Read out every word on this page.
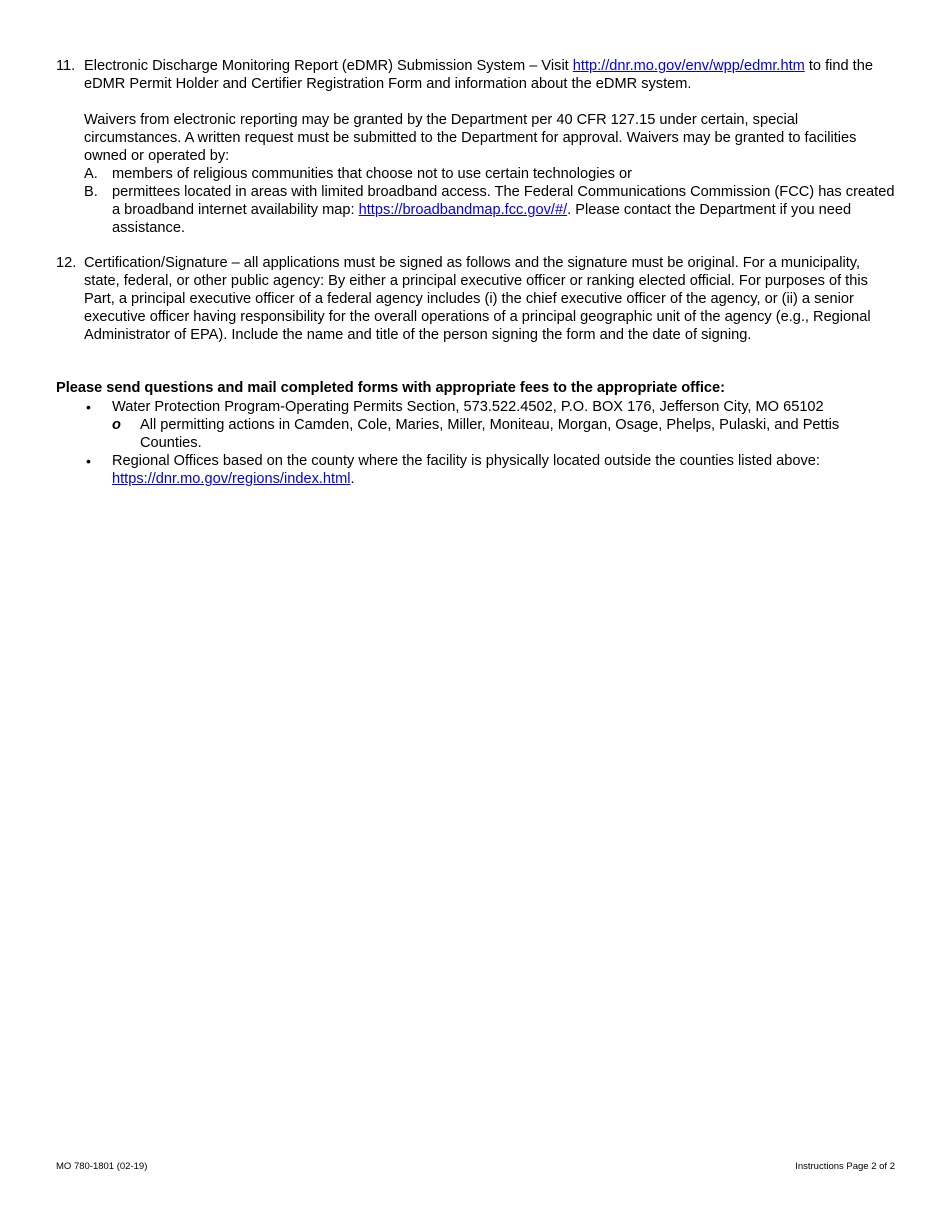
11. Electronic Discharge Monitoring Report (eDMR) Submission System – Visit http://dnr.mo.gov/env/wpp/edmr.htm to find the eDMR Permit Holder and Certifier Registration Form and information about the eDMR system.
Waivers from electronic reporting may be granted by the Department per 40 CFR 127.15 under certain, special circumstances. A written request must be submitted to the Department for approval. Waivers may be granted to facilities owned or operated by:
A. members of religious communities that choose not to use certain technologies or
B. permittees located in areas with limited broadband access. The Federal Communications Commission (FCC) has created a broadband internet availability map: https://broadbandmap.fcc.gov/#/. Please contact the Department if you need assistance.
12. Certification/Signature – all applications must be signed as follows and the signature must be original. For a municipality, state, federal, or other public agency: By either a principal executive officer or ranking elected official. For purposes of this Part, a principal executive officer of a federal agency includes (i) the chief executive officer of the agency, or (ii) a senior executive officer having responsibility for the overall operations of a principal geographic unit of the agency (e.g., Regional Administrator of EPA). Include the name and title of the person signing the form and the date of signing.
Please send questions and mail completed forms with appropriate fees to the appropriate office:
• Water Protection Program-Operating Permits Section, 573.522.4502, P.O. BOX 176, Jefferson City, MO 65102
o All permitting actions in Camden, Cole, Maries, Miller, Moniteau, Morgan, Osage, Phelps, Pulaski, and Pettis Counties.
• Regional Offices based on the county where the facility is physically located outside the counties listed above: https://dnr.mo.gov/regions/index.html.
MO 780-1801 (02-19)	Instructions Page 2 of 2
